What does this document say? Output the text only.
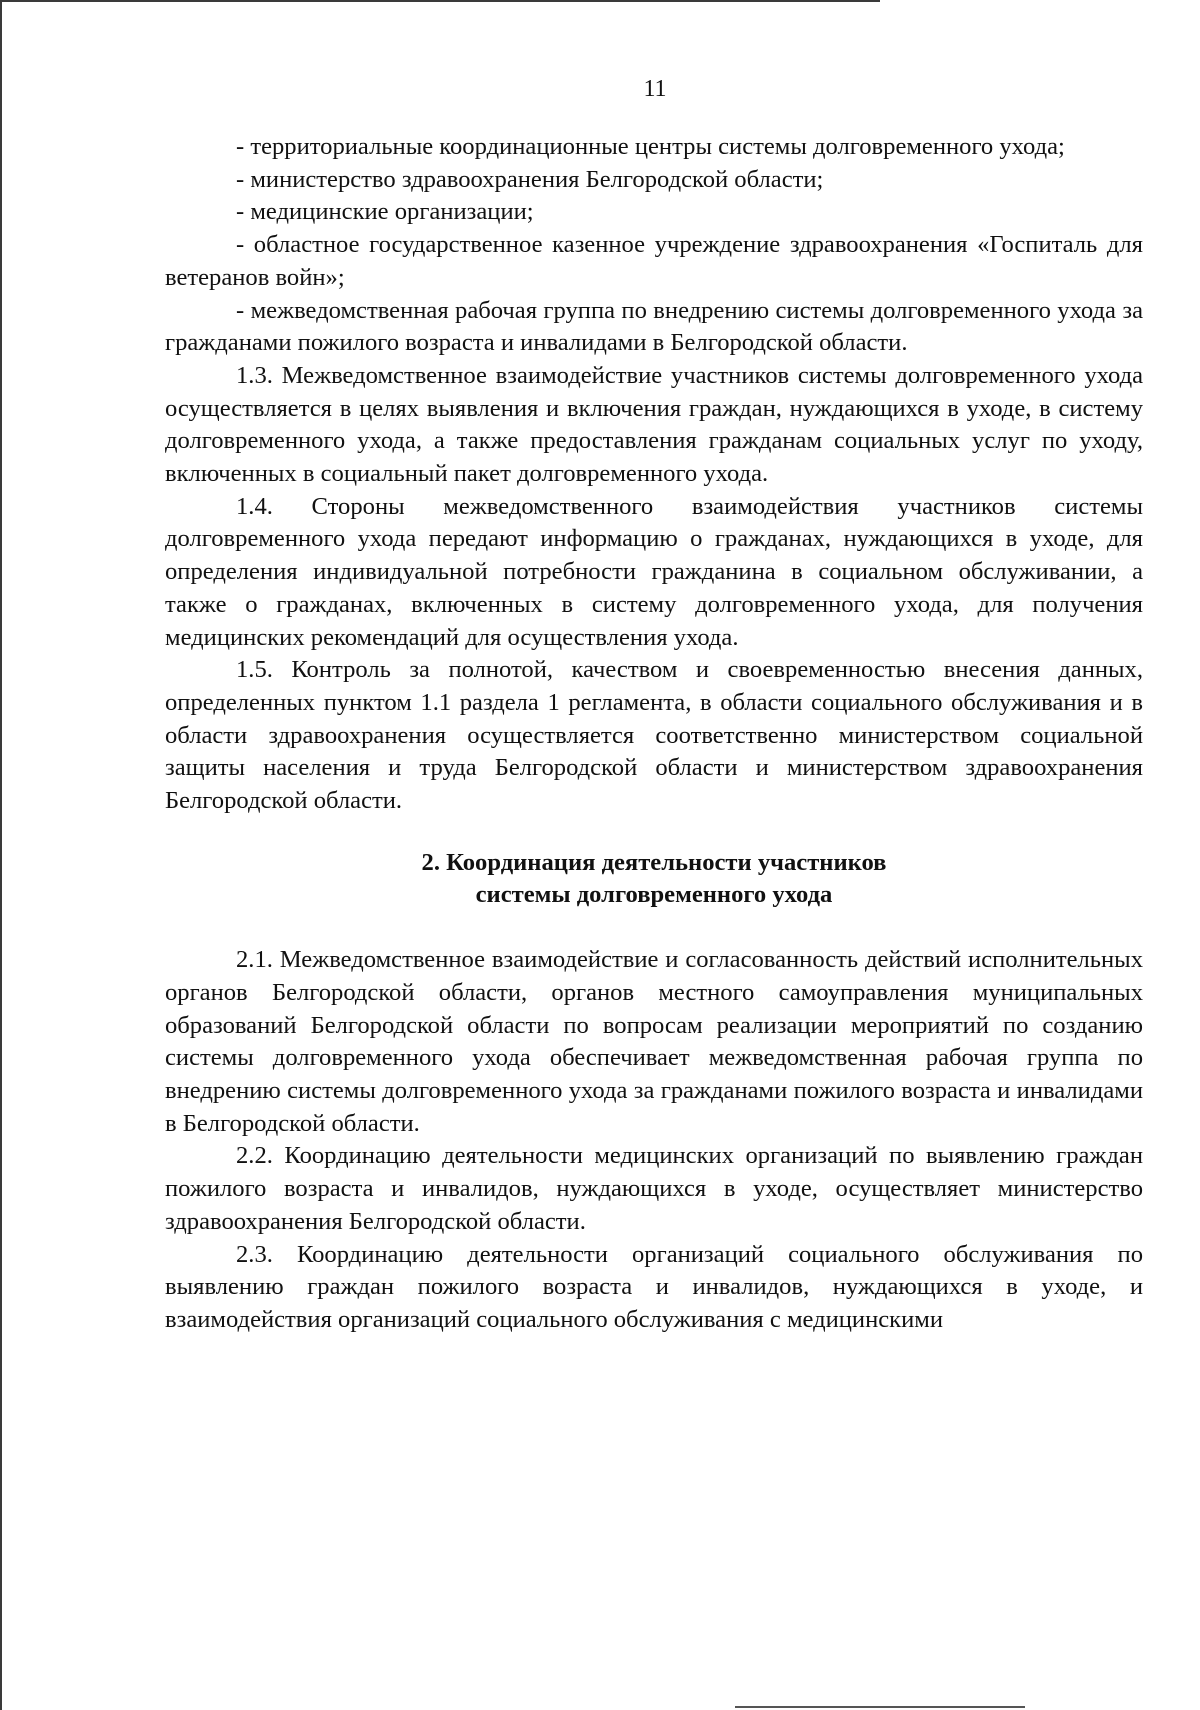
11

- территориальные координационные центры системы долговременного ухода;

- министерство здравоохранения Белгородской области;

- медицинские организации;

- областное государственное казенное учреждение здравоохранения «Госпиталь для ветеранов войн»;

- межведомственная рабочая группа по внедрению системы долговременного ухода за гражданами пожилого возраста и инвалидами в Белгородской области.

1.3. Межведомственное взаимодействие участников системы долговременного ухода осуществляется в целях выявления и включения граждан, нуждающихся в уходе, в систему долговременного ухода, а также предоставления гражданам социальных услуг по уходу, включенных в социальный пакет долговременного ухода.

1.4. Стороны межведомственного взаимодействия участников системы долговременного ухода передают информацию о гражданах, нуждающихся в уходе, для определения индивидуальной потребности гражданина в социальном обслуживании, а также о гражданах, включенных в систему долговременного ухода, для получения медицинских рекомендаций для осуществления ухода.

1.5. Контроль за полнотой, качеством и своевременностью внесения данных, определенных пунктом 1.1 раздела 1 регламента, в области социального обслуживания и в области здравоохранения осуществляется соответственно министерством социальной защиты населения и труда Белгородской области и министерством здравоохранения Белгородской области.

2. Координация деятельности участников
системы долговременного ухода

2.1. Межведомственное взаимодействие и согласованность действий исполнительных органов Белгородской области, органов местного самоуправления муниципальных образований Белгородской области по вопросам реализации мероприятий по созданию системы долговременного ухода обеспечивает межведомственная рабочая группа по внедрению системы долговременного ухода за гражданами пожилого возраста и инвалидами в Белгородской области.

2.2. Координацию деятельности медицинских организаций по выявлению граждан пожилого возраста и инвалидов, нуждающихся в уходе, осуществляет министерство здравоохранения Белгородской области.

2.3. Координацию деятельности организаций социального обслуживания по выявлению граждан пожилого возраста и инвалидов, нуждающихся в уходе, и взаимодействия организаций социального обслуживания с медицинскими
